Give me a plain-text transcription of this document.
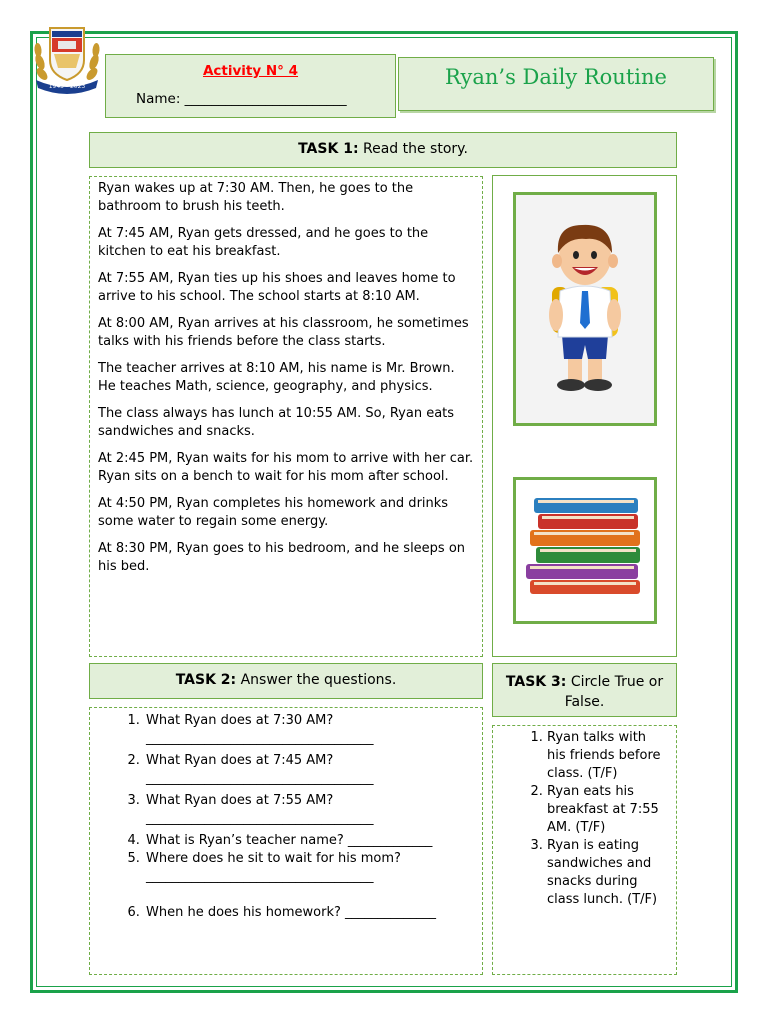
1945 - 2023
Activity N° 4
Name: ________________________
Ryan’s Daily Routine
TASK 1: Read the story.

Ryan wakes up at 7:30 AM. Then, he goes to the bathroom to brush his teeth.

At 7:45 AM, Ryan gets dressed, and he goes to the kitchen to eat his breakfast.

At 7:55 AM, Ryan ties up his shoes and leaves home to arrive to his school. The school starts at 8:10 AM.

At 8:00 AM, Ryan arrives at his classroom, he sometimes talks with his friends before the class starts.

The teacher arrives at 8:10 AM, his name is Mr. Brown. He teaches Math, science, geography, and physics.

The class always has lunch at 10:55 AM. So, Ryan eats sandwiches and snacks.

At 2:45 PM, Ryan waits for his mom to arrive with her car. Ryan sits on a bench to wait for his mom after school.

At 4:50 PM, Ryan completes his homework and drinks some water to regain some energy.

At 8:30 PM, Ryan goes to his bedroom, and he sleeps on his bed.

TASK 2: Answer the questions.
1. What Ryan does at 7:30 AM? ___________________________________
2. What Ryan does at 7:45 AM? ___________________________________
3. What Ryan does at 7:55 AM? ___________________________________
4. What is Ryan’s teacher name? _____________
5. Where does he sit to wait for his mom? ___________________________________
6. When he does his homework? ______________
TASK 3: Circle True or False.
1. Ryan talks with his friends before class. (T/F)
2. Ryan eats his breakfast at 7:55 AM. (T/F)
3. Ryan is eating sandwiches and snacks during class lunch. (T/F)
